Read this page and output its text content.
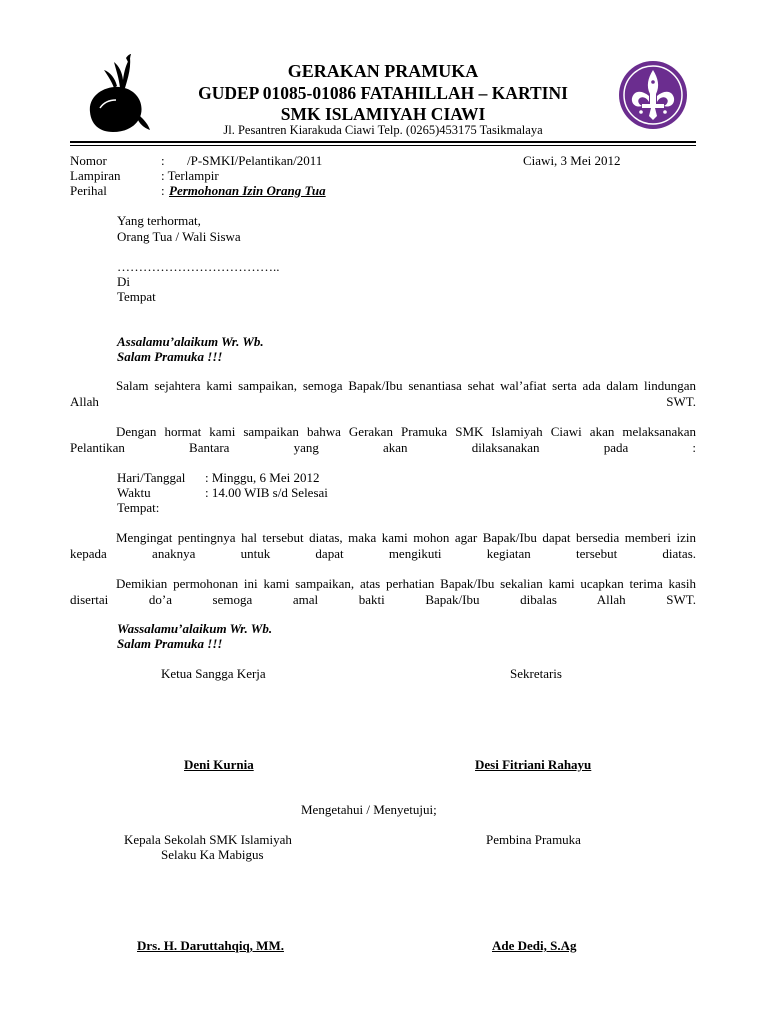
GERAKAN PRAMUKA
GUDEP 01085-01086 FATAHILLAH – KARTINI
SMK ISLAMIYAH CIAWI
Jl. Pesantren Kiarakuda Ciawi Telp. (0265)453175 Tasikmalaya
Nomor	: /P-SMKI/Pelantikan/2011	Ciawi, 3 Mei 2012
Lampiran	: Terlampir
Perihal	: Permohonan Izin Orang Tua
Yang terhormat,
Orang Tua / Wali Siswa
………………………………..
Di
Tempat
Assalamu’alaikum Wr. Wb.
Salam Pramuka !!!
Salam sejahtera kami sampaikan, semoga Bapak/Ibu senantiasa sehat wal’afiat serta ada dalam lindungan Allah SWT.
Dengan hormat kami sampaikan bahwa Gerakan Pramuka SMK Islamiyah Ciawi akan melaksanakan Pelantikan Bantara yang akan dilaksanakan pada :
Hari/Tanggal : Minggu, 6 Mei 2012
Waktu	: 14.00 WIB s/d Selesai
Tempat:
Mengingat pentingnya hal tersebut diatas, maka kami mohon agar Bapak/Ibu dapat bersedia memberi izin kepada anaknya untuk dapat mengikuti kegiatan tersebut diatas.
Demikian permohonan ini kami sampaikan, atas perhatian Bapak/Ibu sekalian kami ucapkan terima kasih disertai do’a semoga amal bakti Bapak/Ibu dibalas Allah SWT.
Wassalamu’alaikum Wr. Wb.
Salam Pramuka !!!
Ketua Sangga Kerja	Sekretaris
Deni Kurnia	Desi Fitriani Rahayu
Mengetahui / Menyetujui;
Kepala Sekolah SMK Islamiyah
Selaku Ka Mabigus
Pembina Pramuka
Drs. H. Daruttahqiq, MM.	Ade Dedi, S.Ag
